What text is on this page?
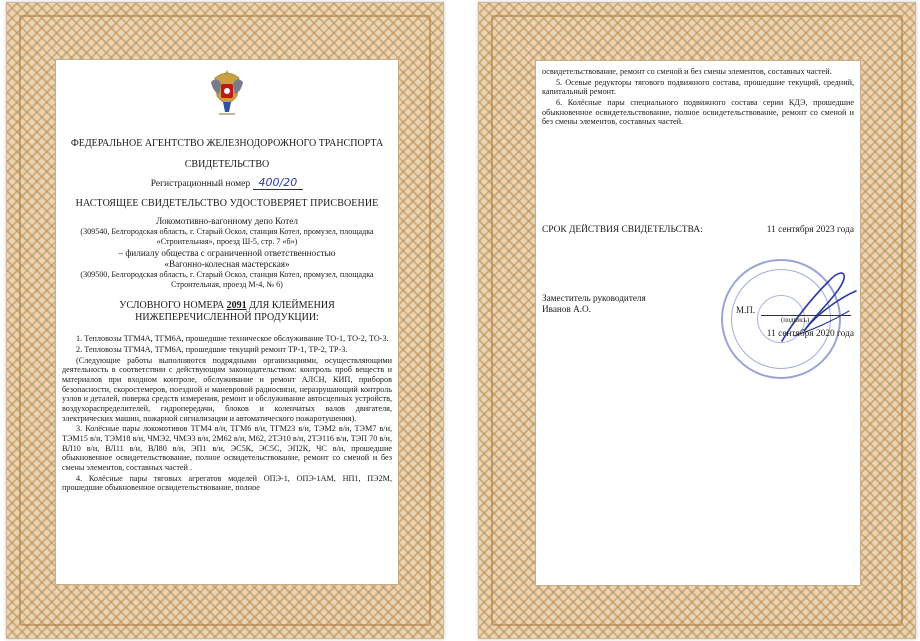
ФЕДЕРАЛЬНОЕ АГЕНТСТВО ЖЕЛЕЗНОДОРОЖНОГО ТРАНСПОРТА
СВИДЕТЕЛЬСТВО
Регистрационный номер 400/20
НАСТОЯЩЕЕ СВИДЕТЕЛЬСТВО УДОСТОВЕРЯЕТ ПРИСВОЕНИЕ
Локомотивно-вагонному депо Котел
(309540, Белгородская область, г. Старый Оскол, станция Котел, промузел, площадка «Строительная», проезд Ш-5, стр. 7 «б»)
– филиалу общества с ограниченной ответственностью
«Вагонно-колесная мастерская»
(309500, Белгородская область, г. Старый Оскол, станция Котел, промузел, площадка Строительная, проезд М-4, № 6)
УСЛОВНОГО НОМЕРА 2091 ДЛЯ КЛЕЙМЕНИЯ НИЖЕПЕРЕЧИСЛЕННОЙ ПРОДУКЦИИ:

1. Тепловозы ТГМ4А, ТГМ6А, прошедшие техническое обслуживание ТО-1, ТО-2, ТО-3.

2. Тепловозы ТГМ4А, ТГМ6А, прошедшие текущий ремонт ТР-1, ТР-2, ТР-3.

(Следующие работы выполняются подрядными организациями, осуществляющими деятельность в соответствии с действующим законодательством: контроль проб веществ и материалов при входном контроле, обслуживание и ремонт АЛСН, КИП, приборов безопасности, скоростемеров, поездной и маневровой радиосвязи, неразрушающий контроль узлов и деталей, поверка средств измерения, ремонт и обслуживание автосцепных устройств, воздухораспределителей, гидропередачи, блоков и коленчатых валов двигателя, электрических машин, пожарной сигнализации и автоматического пожаротушения).

3. Колёсные пары локомотивов ТГМ4 в/и, ТГМ6 в/и, ТГМ23 в/и, ТЭМ2 в/и, ТЭМ7 в/и, ТЭМ15 в/и, ТЭМ18 в/и, ЧМЭ2, ЧМЭ3 в/и, 2М62 в/и, М62, 2ТЭ10 в/и, 2ТЭ116 в/и, ТЭП 70 в/и, ВЛ10 в/и, ВЛ11 в/и, ВЛ80 в/и, ЭП1 в/и, ЭС5К, ЭС5С, ЭП2К, ЧС в/и, прошедшие обыкновенное освидетельствование, полное освидетельствование, ремонт со сменой и без смены элементов, составных частей .

4. Колёсные пары тяговых агрегатов моделей ОПЭ-1, ОПЭ-1АМ, НП1, ПЭ2М, прошедшие обыкновенное освидетельствование, полное

освидетельствование, ремонт со сменой и без смены элементов, составных частей.

5. Осевые редукторы тягового подвижного состава, прошедшие текущий, средний, капитальный ремонт.

6. Колёсные пары специального подвижного состава серии КДЭ, прошедшие обыкновенное освидетельствование, полное освидетельствование, ремонт со сменой и без смены элементов, составных частей.

СРОК ДЕЙСТВИЯ СВИДЕТЕЛЬСТВА:	11 сентября 2023 года
Заместитель руководителя
Иванов А.О.	М.П.
(подпись)
11 сентября 2020 года
